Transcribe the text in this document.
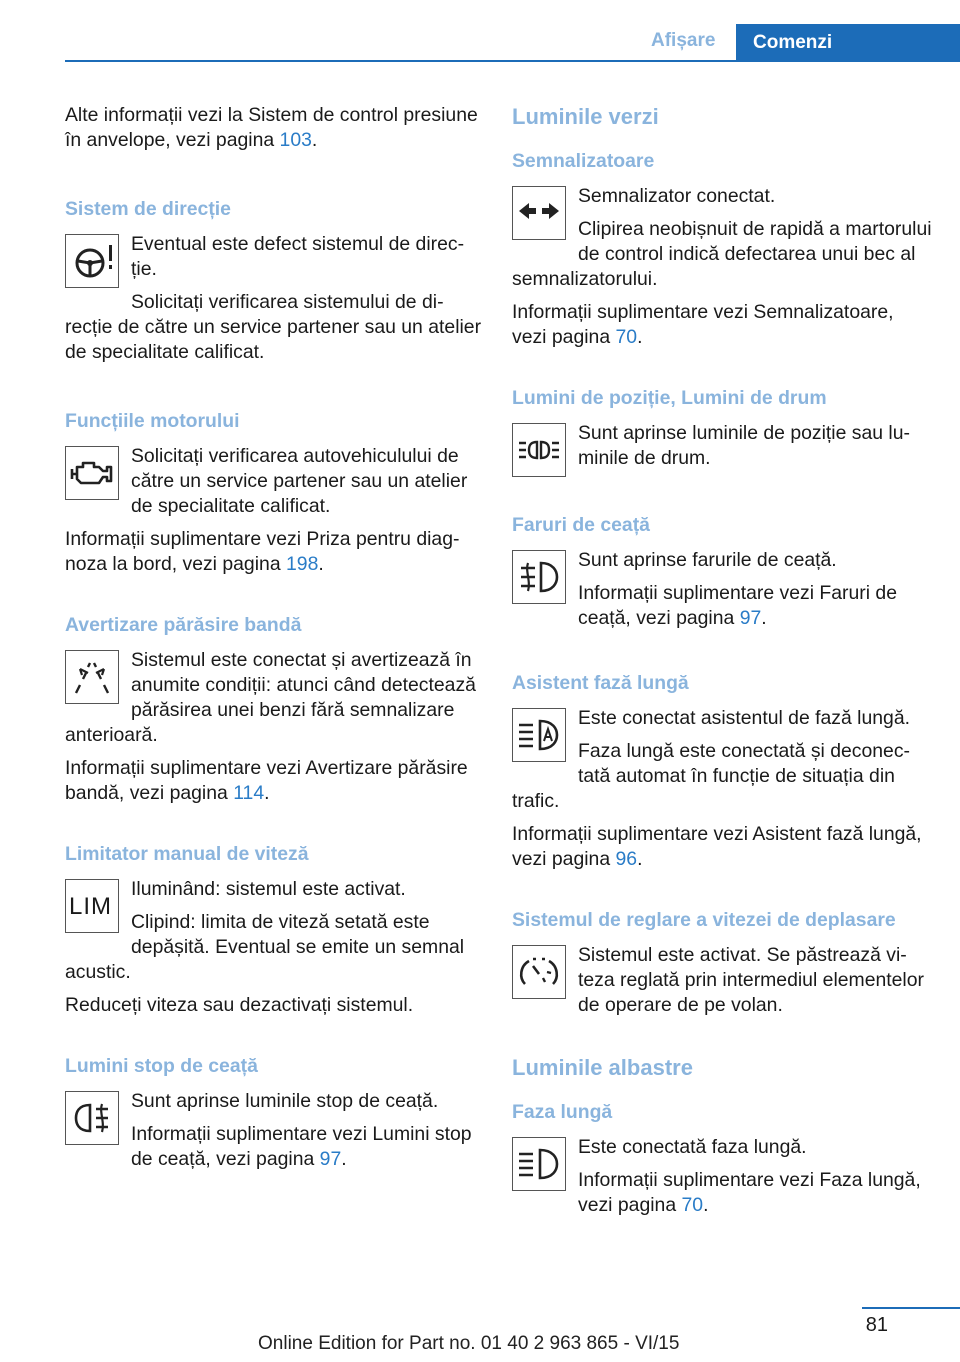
Afișare	Comenzi

Alte informații vezi la Sistem de control presiune în anvelope, vezi pagina 103.

Sistem de direcție

Eventual este defect sistemul de direcție.

Solicitați verificarea sistemului de direcție de către un service partener sau un atelier de specialitate calificat.

Funcțiile motorului

Solicitați verificarea autovehiculului de către un service partener sau un atelier de specialitate calificat.

Informații suplimentare vezi Priza pentru diagnoza la bord, vezi pagina 198.

Avertizare părăsire bandă

Sistemul este conectat și avertizează în anumite condiții: atunci când detectează părăsirea unei benzi fără semnalizare anterioară.

Informații suplimentare vezi Avertizare părăsire bandă, vezi pagina 114.

Limitator manual de viteză
LIM

Iluminând: sistemul este activat.

Clipind: limita de viteză setată este depășită. Eventual se emite un semnal acustic.

Reduceți viteza sau dezactivați sistemul.

Lumini stop de ceață

Sunt aprinse luminile stop de ceață.

Informații suplimentare vezi Lumini stop de ceață, vezi pagina 97.

Luminile verzi
Semnalizatoare

Semnalizator conectat.

Clipirea neobișnuit de rapidă a martorului de control indică defectarea unui bec al semnalizatorului.

Informații suplimentare vezi Semnalizatoare, vezi pagina 70.

Lumini de poziție, Lumini de drum

Sunt aprinse luminile de poziție sau luminile de drum.

Faruri de ceață

Sunt aprinse farurile de ceață.

Informații suplimentare vezi Faruri de ceață, vezi pagina 97.

Asistent fază lungă

Este conectat asistentul de fază lungă.

Faza lungă este conectată și deconectată automat în funcție de situația din trafic.

Informații suplimentare vezi Asistent fază lungă, vezi pagina 96.

Sistemul de reglare a vitezei de deplasare

Sistemul este activat. Se păstrează viteza reglată prin intermediul elementelor de operare de pe volan.

Luminile albastre
Faza lungă

Este conectată faza lungă.

Informații suplimentare vezi Faza lungă, vezi pagina 70.

81
Online Edition for Part no. 01 40 2 963 865 - VI/15
